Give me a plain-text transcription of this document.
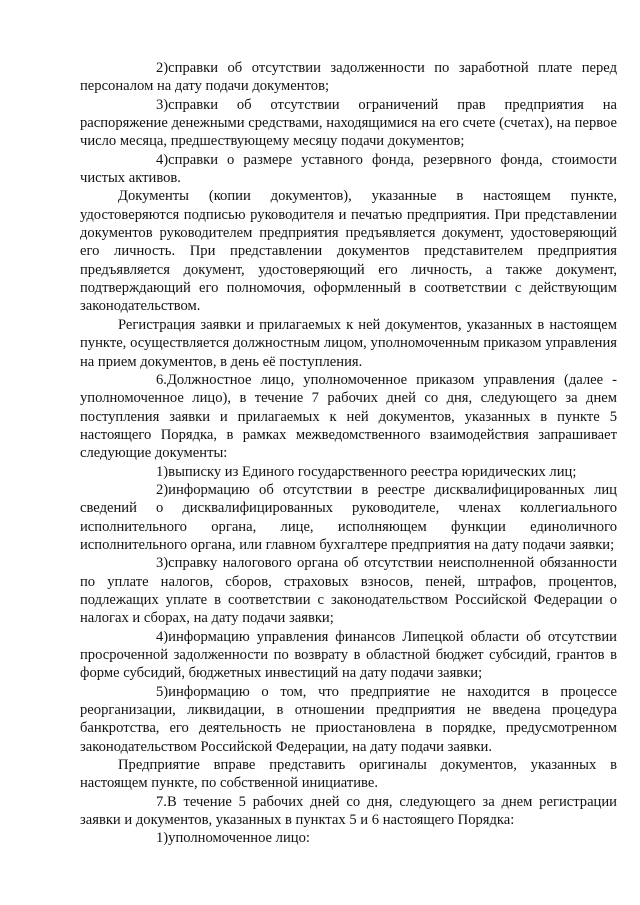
2)справки об отсутствии задолженности по заработной плате перед персоналом на дату подачи документов;

3)справки об отсутствии ограничений прав предприятия на распоряжение денежными средствами, находящимися на его счете (счетах), на первое число месяца, предшествующему месяцу подачи документов;

4)справки о размере уставного фонда, резервного фонда, стоимости чистых активов.

Документы (копии документов), указанные в настоящем пункте, удостоверяются подписью руководителя и печатью предприятия. При представлении документов руководителем предприятия предъявляется документ, удостоверяющий его личность. При представлении документов представителем предприятия предъявляется документ, удостоверяющий его личность, а также документ, подтверждающий его полномочия, оформленный в соответствии с действующим законодательством.

Регистрация заявки и прилагаемых к ней документов, указанных в настоящем пункте, осуществляется должностным лицом, уполномоченным приказом управления на прием документов, в день её поступления.

6.Должностное лицо, уполномоченное приказом управления (далее - уполномоченное лицо), в течение 7 рабочих дней со дня, следующего за днем поступления заявки и прилагаемых к ней документов, указанных в пункте 5 настоящего Порядка, в рамках межведомственного взаимодействия запрашивает следующие документы:

1)выписку из Единого государственного реестра юридических лиц;

2)информацию об отсутствии в реестре дисквалифицированных лиц сведений о дисквалифицированных руководителе, членах коллегиального исполнительного органа, лице, исполняющем функции единоличного исполнительного органа, или главном бухгалтере предприятия на дату подачи заявки;

3)справку налогового органа об отсутствии неисполненной обязанности по уплате налогов, сборов, страховых взносов, пеней, штрафов, процентов, подлежащих уплате в соответствии с законодательством Российской Федерации о налогах и сборах, на дату подачи заявки;

4)информацию управления финансов Липецкой области об отсутствии просроченной задолженности по возврату в областной бюджет субсидий, грантов в форме субсидий, бюджетных инвестиций на дату подачи заявки;

5)информацию о том, что предприятие не находится в процессе реорганизации, ликвидации, в отношении предприятия не введена процедура банкротства, его деятельность не приостановлена в порядке, предусмотренном законодательством Российской Федерации, на дату подачи заявки.

Предприятие вправе представить оригиналы документов, указанных в настоящем пункте, по собственной инициативе.

7.В течение 5 рабочих дней со дня, следующего за днем регистрации заявки и документов, указанных в пунктах 5 и 6 настоящего Порядка:

1)уполномоченное лицо:
